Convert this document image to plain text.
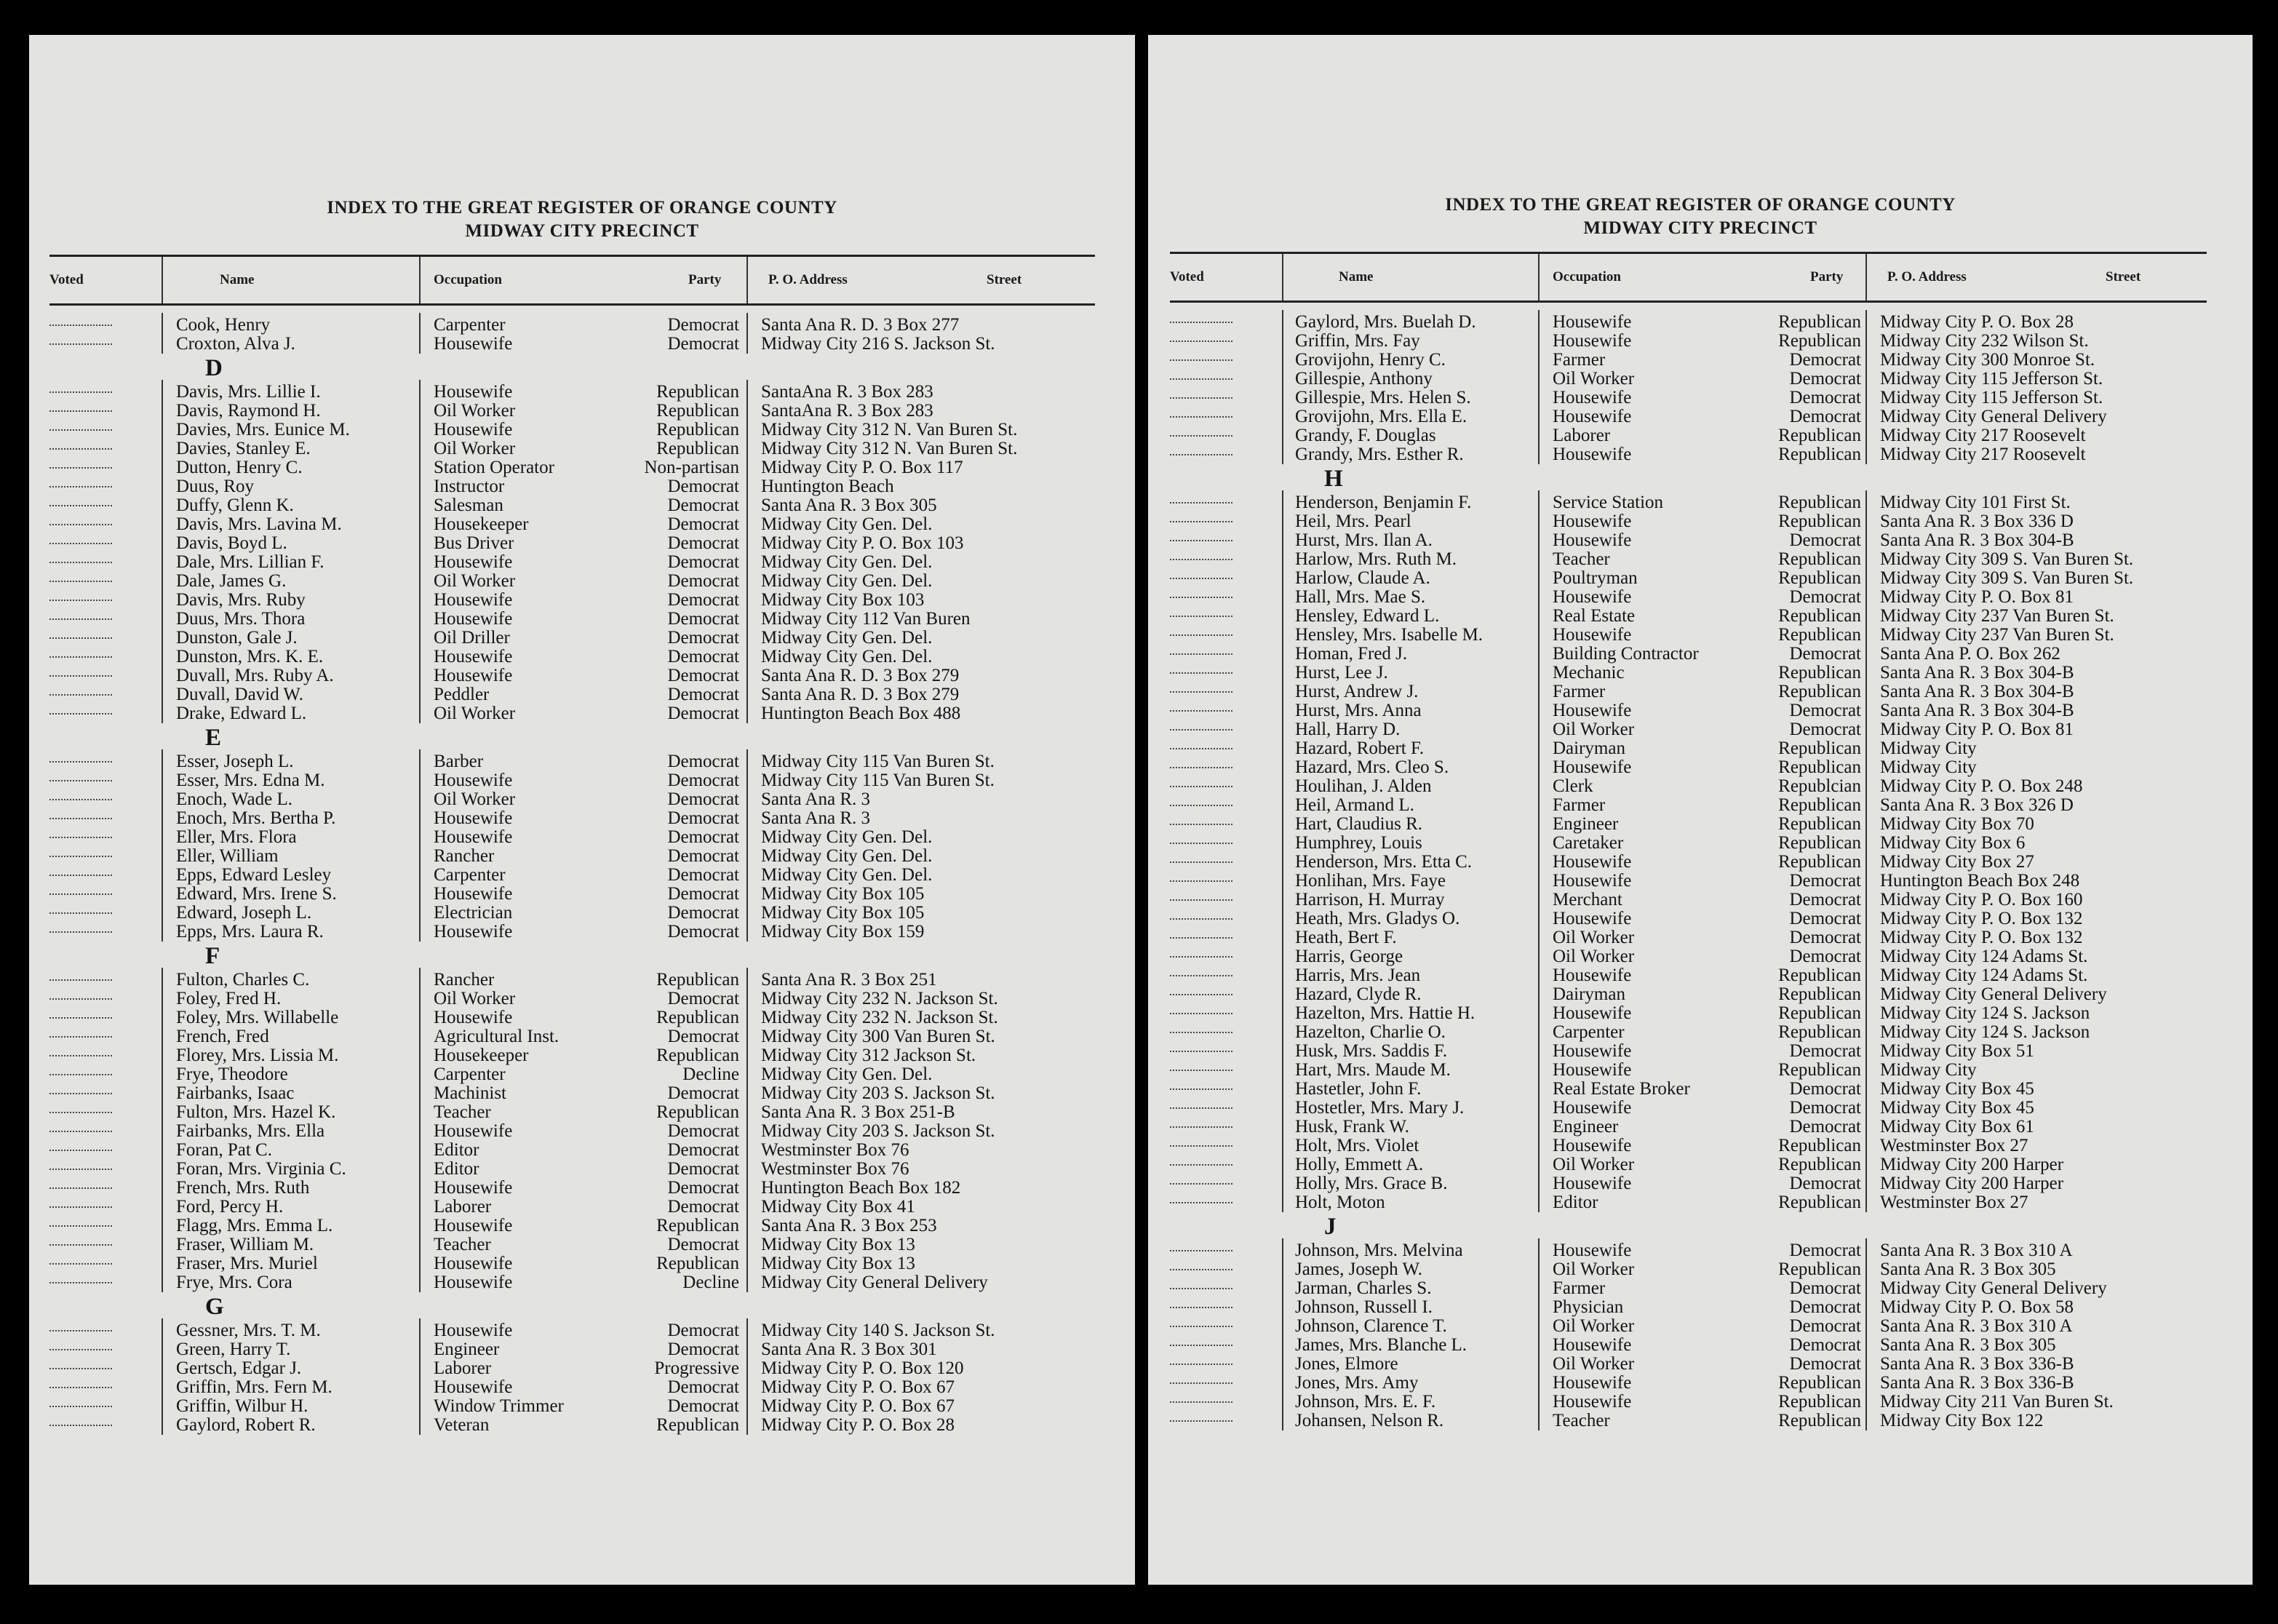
INDEX TO THE GREAT REGISTER OF ORANGE COUNTY
MIDWAY CITY PRECINCT
Voted	Name	Occupation	Party	P. O. Address	Street
Cook, Henry	Carpenter	Democrat Santa Ana R. D. 3 Box 277
Croxton, Alva J.	Housewife	Democrat Midway City 216 S. Jackson St.
D
Davis, Mrs. Lillie I.	Housewife	Republican SantaAna R. 3 Box 283
Davis, Raymond H.	Oil Worker	Republican SantaAna R. 3 Box 283
Davies, Mrs. Eunice M.	Housewife	Republican Midway City 312 N. Van Buren St.
Davies, Stanley E.	Oil Worker	Republican Midway City 312 N. Van Buren St.
Dutton, Henry C.	Station Operator	Non-partisan Midway City P. O. Box 117
Duus, Roy	Instructor	Democrat Huntington Beach
Duffy, Glenn K.	Salesman	Democrat Santa Ana R. 3 Box 305
Davis, Mrs. Lavina M.	Housekeeper	Democrat Midway City Gen. Del.
Davis, Boyd L.	Bus Driver	Democrat Midway City P. O. Box 103
Dale, Mrs. Lillian F.	Housewife	Democrat Midway City Gen. Del.
Dale, James G.	Oil Worker	Democrat Midway City Gen. Del.
Davis, Mrs. Ruby	Housewife	Democrat Midway City Box 103
Duus, Mrs. Thora	Housewife	Democrat Midway City 112 Van Buren
Dunston, Gale J.	Oil Driller	Democrat Midway City Gen. Del.
Dunston, Mrs. K. E.	Housewife	Democrat Midway City Gen. Del.
Duvall, Mrs. Ruby A.	Housewife	Democrat Santa Ana R. D. 3 Box 279
Duvall, David W.	Peddler	Democrat Santa Ana R. D. 3 Box 279
Drake, Edward L.	Oil Worker	Democrat Huntington Beach Box 488
E
Esser, Joseph L.	Barber	Democrat Midway City 115 Van Buren St.
Esser, Mrs. Edna M.	Housewife	Democrat Midway City 115 Van Buren St.
Enoch, Wade L.	Oil Worker	Democrat Santa Ana R. 3
Enoch, Mrs. Bertha P.	Housewife	Democrat Santa Ana R. 3
Eller, Mrs. Flora	Housewife	Democrat Midway City Gen. Del.
Eller, William	Rancher	Democrat Midway City Gen. Del.
Epps, Edward Lesley	Carpenter	Democrat Midway City Gen. Del.
Edward, Mrs. Irene S.	Housewife	Democrat Midway City Box 105
Edward, Joseph L.	Electrician	Democrat Midway City Box 105
Epps, Mrs. Laura R.	Housewife	Democrat Midway City Box 159
F
Fulton, Charles C.	Rancher	Republican Santa Ana R. 3 Box 251
Foley, Fred H.	Oil Worker	Democrat Midway City 232 N. Jackson St.
Foley, Mrs. Willabelle	Housewife	Republican Midway City 232 N. Jackson St.
French, Fred	Agricultural Inst.	Democrat Midway City 300 Van Buren St.
Florey, Mrs. Lissia M.	Housekeeper	Republican Midway City 312 Jackson St.
Frye, Theodore	Carpenter	Decline Midway City Gen. Del.
Fairbanks, Isaac	Machinist	Democrat Midway City 203 S. Jackson St.
Fulton, Mrs. Hazel K.	Teacher	Republican Santa Ana R. 3 Box 251-B
Fairbanks, Mrs. Ella	Housewife	Democrat Midway City 203 S. Jackson St.
Foran, Pat C.	Editor	Democrat Westminster Box 76
Foran, Mrs. Virginia C.	Editor	Democrat Westminster Box 76
French, Mrs. Ruth	Housewife	Democrat Huntington Beach Box 182
Ford, Percy H.	Laborer	Democrat Midway City Box 41
Flagg, Mrs. Emma L.	Housewife	Republican Santa Ana R. 3 Box 253
Fraser, William M.	Teacher	Democrat Midway City Box 13
Fraser, Mrs. Muriel	Housewife	Republican Midway City Box 13
Frye, Mrs. Cora	Housewife	Decline Midway City General Delivery
G
Gessner, Mrs. T. M.	Housewife	Democrat Midway City 140 S. Jackson St.
Green, Harry T.	Engineer	Democrat Santa Ana R. 3 Box 301
Gertsch, Edgar J.	Laborer	Progressive Midway City P. O. Box 120
Griffin, Mrs. Fern M.	Housewife	Democrat Midway City P. O. Box 67
Griffin, Wilbur H.	Window Trimmer	Democrat Midway City P. O. Box 67
Gaylord, Robert R.	Veteran	Republican Midway City P. O. Box 28
INDEX TO THE GREAT REGISTER OF ORANGE COUNTY
MIDWAY CITY PRECINCT
Voted	Name	Occupation	Party	P. O. Address	Street
Gaylord, Mrs. Buelah D.	Housewife	Republican Midway City P. O. Box 28
Griffin, Mrs. Fay	Housewife	Republican Midway City 232 Wilson St.
Grovijohn, Henry C.	Farmer	Democrat Midway City 300 Monroe St.
Gillespie, Anthony	Oil Worker	Democrat Midway City 115 Jefferson St.
Gillespie, Mrs. Helen S.	Housewife	Democrat Midway City 115 Jefferson St.
Grovijohn, Mrs. Ella E.	Housewife	Democrat Midway City General Delivery
Grandy, F. Douglas	Laborer	Republican Midway City 217 Roosevelt
Grandy, Mrs. Esther R.	Housewife	Republican Midway City 217 Roosevelt
H
Henderson, Benjamin F.	Service Station	Republican Midway City 101 First St.
Heil, Mrs. Pearl	Housewife	Republican Santa Ana R. 3 Box 336 D
Hurst, Mrs. Ilan A.	Housewife	Democrat Santa Ana R. 3 Box 304-B
Harlow, Mrs. Ruth M.	Teacher	Republican Midway City 309 S. Van Buren St.
Harlow, Claude A.	Poultryman	Republican Midway City 309 S. Van Buren St.
Hall, Mrs. Mae S.	Housewife	Democrat Midway City P. O. Box 81
Hensley, Edward L.	Real Estate	Republican Midway City 237 Van Buren St.
Hensley, Mrs. Isabelle M.	Housewife	Republican Midway City 237 Van Buren St.
Homan, Fred J.	Building Contractor	Democrat Santa Ana P. O. Box 262
Hurst, Lee J.	Mechanic	Republican Santa Ana R. 3 Box 304-B
Hurst, Andrew J.	Farmer	Republican Santa Ana R. 3 Box 304-B
Hurst, Mrs. Anna	Housewife	Democrat Santa Ana R. 3 Box 304-B
Hall, Harry D.	Oil Worker	Democrat Midway City P. O. Box 81
Hazard, Robert F.	Dairyman	Republican Midway City
Hazard, Mrs. Cleo S.	Housewife	Republican Midway City
Houlihan, J. Alden	Clerk	Republcian Midway City P. O. Box 248
Heil, Armand L.	Farmer	Republican Santa Ana R. 3 Box 326 D
Hart, Claudius R.	Engineer	Republican Midway City Box 70
Humphrey, Louis	Caretaker	Republican Midway City Box 6
Henderson, Mrs. Etta C.	Housewife	Republican Midway City Box 27
Honlihan, Mrs. Faye	Housewife	Democrat Huntington Beach Box 248
Harrison, H. Murray	Merchant	Democrat Midway City P. O. Box 160
Heath, Mrs. Gladys O.	Housewife	Democrat Midway City P. O. Box 132
Heath, Bert F.	Oil Worker	Democrat Midway City P. O. Box 132
Harris, George	Oil Worker	Democrat Midway City 124 Adams St.
Harris, Mrs. Jean	Housewife	Republican Midway City 124 Adams St.
Hazard, Clyde R.	Dairyman	Republican Midway City General Delivery
Hazelton, Mrs. Hattie H.	Housewife	Republican Midway City 124 S. Jackson
Hazelton, Charlie O.	Carpenter	Republican Midway City 124 S. Jackson
Husk, Mrs. Saddis F.	Housewife	Democrat Midway City Box 51
Hart, Mrs. Maude M.	Housewife	Republican Midway City
Hastetler, John F.	Real Estate Broker	Democrat Midway City Box 45
Hostetler, Mrs. Mary J.	Housewife	Democrat Midway City Box 45
Husk, Frank W.	Engineer	Democrat Midway City Box 61
Holt, Mrs. Violet	Housewife	Republican Westminster Box 27
Holly, Emmett A.	Oil Worker	Republican Midway City 200 Harper
Holly, Mrs. Grace B.	Housewife	Democrat Midway City 200 Harper
Holt, Moton	Editor	Republican Westminster Box 27
J
Johnson, Mrs. Melvina	Housewife	Democrat Santa Ana R. 3 Box 310 A
James, Joseph W.	Oil Worker	Republican Santa Ana R. 3 Box 305
Jarman, Charles S.	Farmer	Democrat Midway City General Delivery
Johnson, Russell I.	Physician	Democrat Midway City P. O. Box 58
Johnson, Clarence T.	Oil Worker	Democrat Santa Ana R. 3 Box 310 A
James, Mrs. Blanche L.	Housewife	Democrat Santa Ana R. 3 Box 305
Jones, Elmore	Oil Worker	Democrat Santa Ana R. 3 Box 336-B
Jones, Mrs. Amy	Housewife	Republican Santa Ana R. 3 Box 336-B
Johnson, Mrs. E. F.	Housewife	Republican Midway City 211 Van Buren St.
Johansen, Nelson R.	Teacher	Republican Midway City Box 122
